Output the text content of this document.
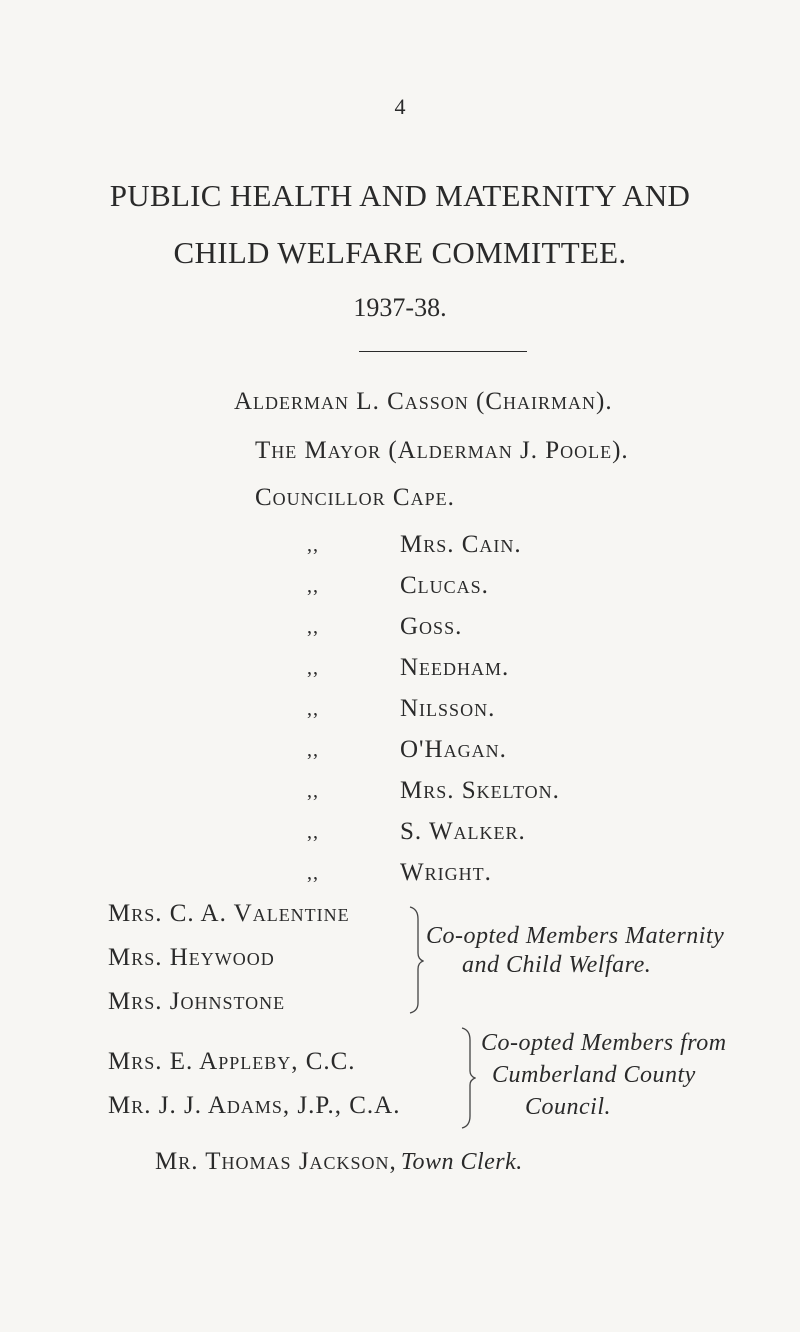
4
PUBLIC HEALTH AND MATERNITY AND
CHILD WELFARE COMMITTEE.
1937-38.
Alderman L. Casson (Chairman).
The Mayor (Alderman J. Poole).
Councillor Cape.
,,	Mrs. Cain.
,,	Clucas.
,,	Goss.
,,	Needham.
,,	Nilsson.
,,	O'Hagan.
,,	Mrs. Skelton.
,,	S. Walker.
,,	Wright.
Mrs. C. A. Valentine
Mrs. Heywood
Mrs. Johnstone
Co-opted Members Maternity
and Child Welfare.
Mrs. E. Appleby, C.C.
Mr. J. J. Adams, J.P., C.A.
Co-opted Members from
Cumberland County
Council.
Mr. Thomas Jackson, Town Clerk.
